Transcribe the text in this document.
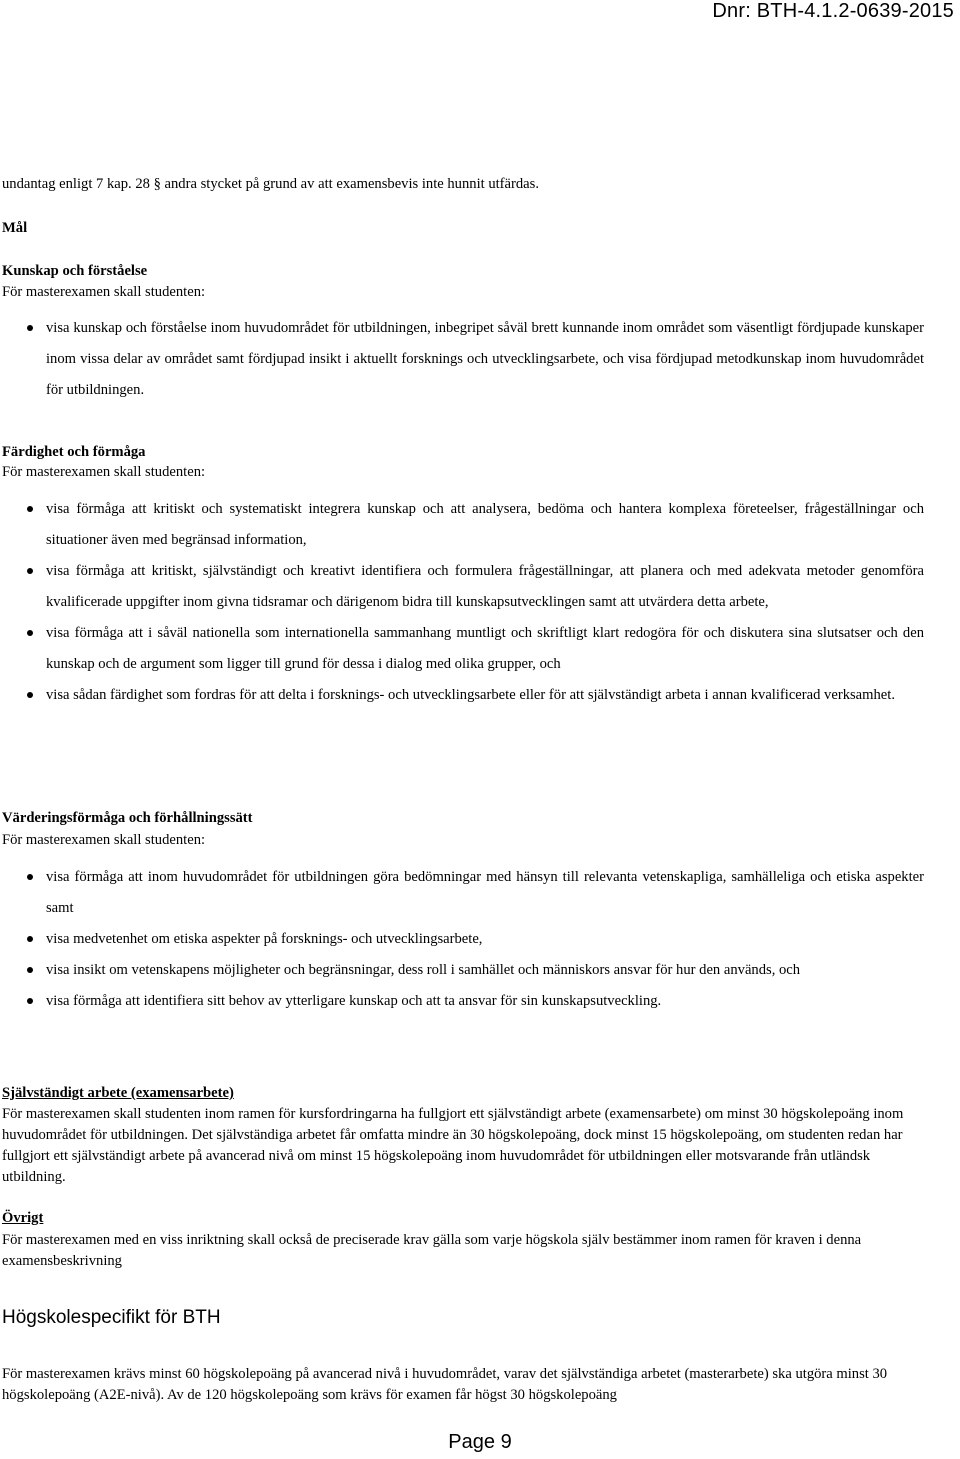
Dnr: BTH-4.1.2-0639-2015
undantag enligt 7 kap. 28 § andra stycket på grund av att examensbevis inte hunnit utfärdas.
Mål
Kunskap och förståelse
För masterexamen skall studenten:
visa kunskap och förståelse inom huvudområdet för utbildningen, inbegripet såväl brett kunnande inom området som väsentligt fördjupade kunskaper inom vissa delar av området samt fördjupad insikt i aktuellt forsknings och utvecklingsarbete, och visa fördjupad metodkunskap inom huvudområdet för utbildningen.
Färdighet och förmåga
För masterexamen skall studenten:
visa förmåga att kritiskt och systematiskt integrera kunskap och att analysera, bedöma och hantera komplexa företeelser, frågeställningar och situationer även med begränsad information,
visa förmåga att kritiskt, självständigt och kreativt identifiera och formulera frågeställningar, att planera och med adekvata metoder genomföra kvalificerade uppgifter inom givna tidsramar och därigenom bidra till kunskapsutvecklingen samt att utvärdera detta arbete,
visa förmåga att i såväl nationella som internationella sammanhang muntligt och skriftligt klart redogöra för och diskutera sina slutsatser och den kunskap och de argument som ligger till grund för dessa i dialog med olika grupper, och
visa sådan färdighet som fordras för att delta i forsknings- och utvecklingsarbete eller för att självständigt arbeta i annan kvalificerad verksamhet.
Värderingsförmåga och förhållningssätt
För masterexamen skall studenten:
visa förmåga att inom huvudområdet för utbildningen göra bedömningar med hänsyn till relevanta vetenskapliga, samhälleliga och etiska aspekter samt
visa medvetenhet om etiska aspekter på forsknings- och utvecklingsarbete,
visa insikt om vetenskapens möjligheter och begränsningar, dess roll i samhället och människors ansvar för hur den används, och
visa förmåga att identifiera sitt behov av ytterligare kunskap och att ta ansvar för sin kunskapsutveckling.
Självständigt arbete (examensarbete)

För masterexamen skall studenten inom ramen för kursfordringarna ha fullgjort ett självständigt arbete (examensarbete) om minst 30 högskolepoäng inom huvudområdet för utbildningen. Det självständiga arbetet får omfatta mindre än 30 högskolepoäng, dock minst 15 högskolepoäng, om studenten redan har fullgjort ett självständigt arbete på avancerad nivå om minst 15 högskolepoäng inom huvudområdet för utbildningen eller motsvarande från utländsk utbildning.

Övrigt

För masterexamen med en viss inriktning skall också de preciserade krav gälla som varje högskola själv bestämmer inom ramen för kraven i denna examensbeskrivning

Högskolespecifikt för BTH

För masterexamen krävs minst 60 högskolepoäng på avancerad nivå i huvudområdet, varav det självständiga arbetet (masterarbete) ska utgöra minst 30 högskolepoäng (A2E-nivå). Av de 120 högskolepoäng som krävs för examen får högst 30 högskolepoäng

Page 9
